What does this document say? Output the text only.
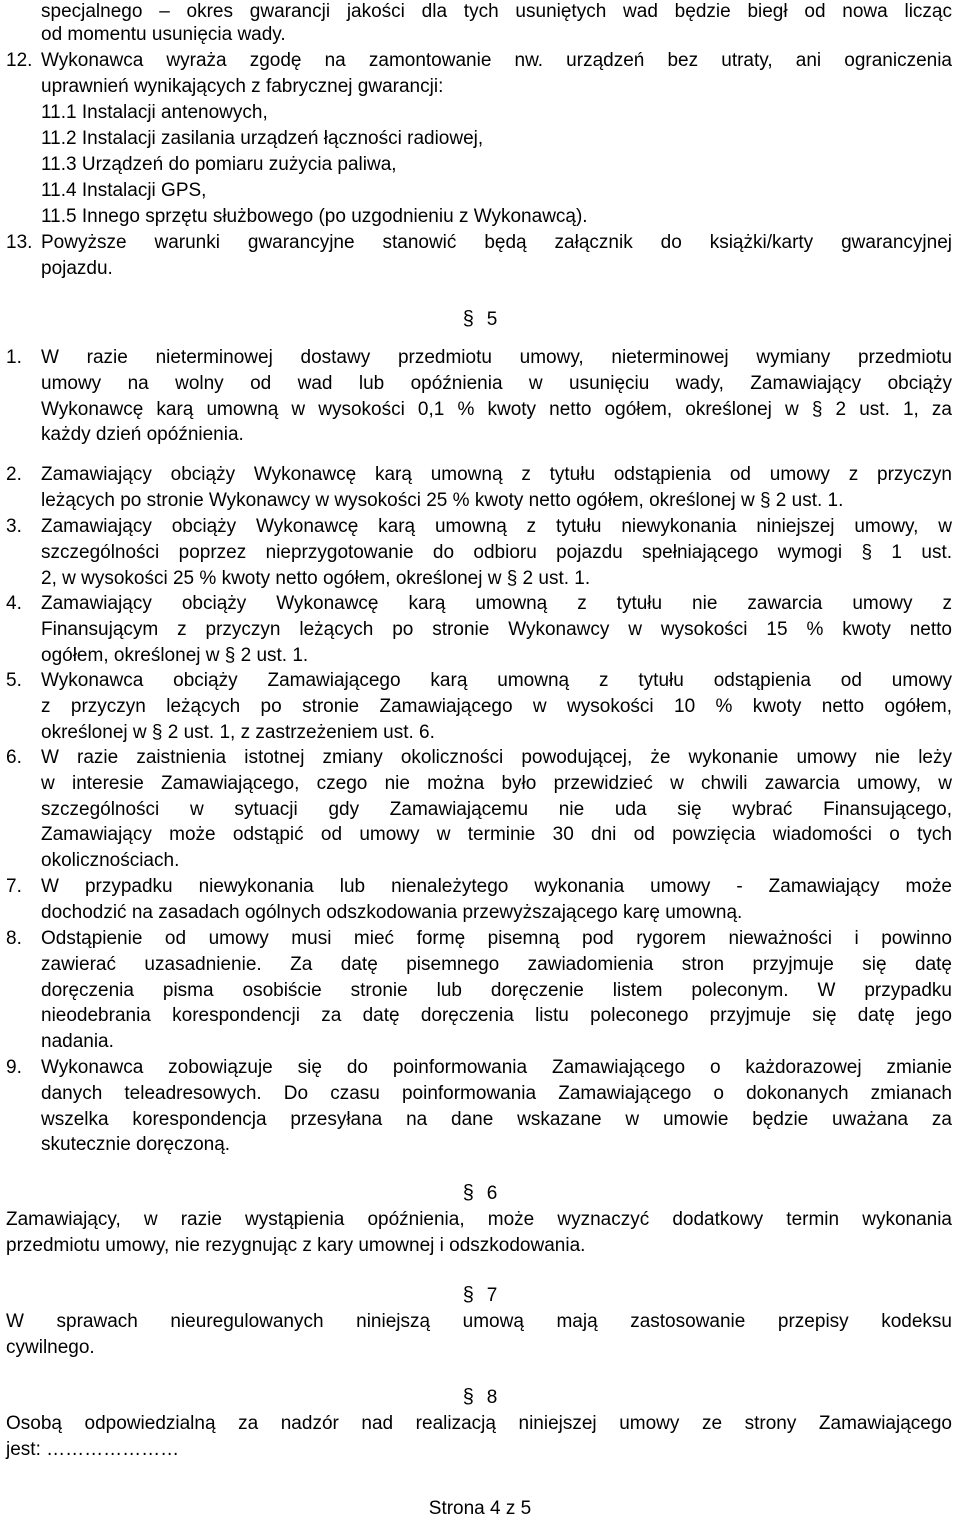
specjalnego – okres gwarancji jakości dla tych usuniętych wad będzie biegł od nowa licząc
od momentu usunięcia wady.
12. Wykonawca wyraża zgodę na zamontowanie nw. urządzeń bez utraty, ani ograniczenia
uprawnień wynikających z fabrycznej gwarancji:
11.1 Instalacji antenowych,
11.2 Instalacji zasilania urządzeń łączności radiowej,
11.3 Urządzeń do pomiaru zużycia paliwa,
11.4 Instalacji GPS,
11.5 Innego sprzętu służbowego (po uzgodnieniu z Wykonawcą).
13. Powyższe warunki gwarancyjne stanowić będą załącznik do książki/karty gwarancyjnej
pojazdu.
§5
1. W razie nieterminowej dostawy przedmiotu umowy, nieterminowej wymiany przedmiotu
umowy na wolny od wad lub opóźnienia w usunięciu wady, Zamawiający obciąży
Wykonawcę karą umowną w wysokości 0,1 % kwoty netto ogółem, określonej w § 2 ust. 1, za
każdy dzień opóźnienia.
2. Zamawiający obciąży Wykonawcę karą umowną z tytułu odstąpienia od umowy z przyczyn
leżących po stronie Wykonawcy w wysokości 25 % kwoty netto ogółem, określonej w § 2 ust. 1.
3. Zamawiający obciąży Wykonawcę karą umowną z tytułu niewykonania niniejszej umowy, w
szczególności poprzez nieprzygotowanie do odbioru pojazdu spełniającego wymogi § 1 ust.
2, w wysokości 25 % kwoty netto ogółem, określonej w § 2 ust. 1.
4. Zamawiający obciąży Wykonawcę karą umowną z tytułu nie zawarcia umowy z
Finansującym z przyczyn leżących po stronie Wykonawcy w wysokości 15 % kwoty netto
ogółem, określonej w § 2 ust. 1.
5. Wykonawca obciąży Zamawiającego karą umowną z tytułu odstąpienia od umowy
z przyczyn leżących po stronie Zamawiającego w wysokości 10 % kwoty netto ogółem,
określonej w § 2 ust. 1, z zastrzeżeniem ust. 6.
6. W razie zaistnienia istotnej zmiany okoliczności powodującej, że wykonanie umowy nie leży
w interesie Zamawiającego, czego nie można było przewidzieć w chwili zawarcia umowy, w
szczególności w sytuacji gdy Zamawiającemu nie uda się wybrać Finansującego,
Zamawiający może odstąpić od umowy w terminie 30 dni od powzięcia wiadomości o tych
okolicznościach.
7. W przypadku niewykonania lub nienależytego wykonania umowy - Zamawiający może
dochodzić na zasadach ogólnych odszkodowania przewyższającego karę umowną.
8. Odstąpienie od umowy musi mieć formę pisemną pod rygorem nieważności i powinno
zawierać uzasadnienie. Za datę pisemnego zawiadomienia stron przyjmuje się datę
doręczenia pisma osobiście stronie lub doręczenie listem poleconym. W przypadku
nieodebrania korespondencji za datę doręczenia listu poleconego przyjmuje się datę jego
nadania.
9. Wykonawca zobowiązuje się do poinformowania Zamawiającego o każdorazowej zmianie
danych teleadresowych. Do czasu poinformowania Zamawiającego o dokonanych zmianach
wszelka korespondencja przesyłana na dane wskazane w umowie będzie uważana za
skutecznie doręczoną.
§6
Zamawiający, w razie wystąpienia opóźnienia, może wyznaczyć dodatkowy termin wykonania
przedmiotu umowy, nie rezygnując z kary umownej i odszkodowania.
§7
W sprawach nieuregulowanych niniejszą umową mają zastosowanie przepisy kodeksu
cywilnego.
§8
Osobą odpowiedzialną za nadzór nad realizacją niniejszej umowy ze strony Zamawiającego
jest: …………………
Strona 4 z 5
